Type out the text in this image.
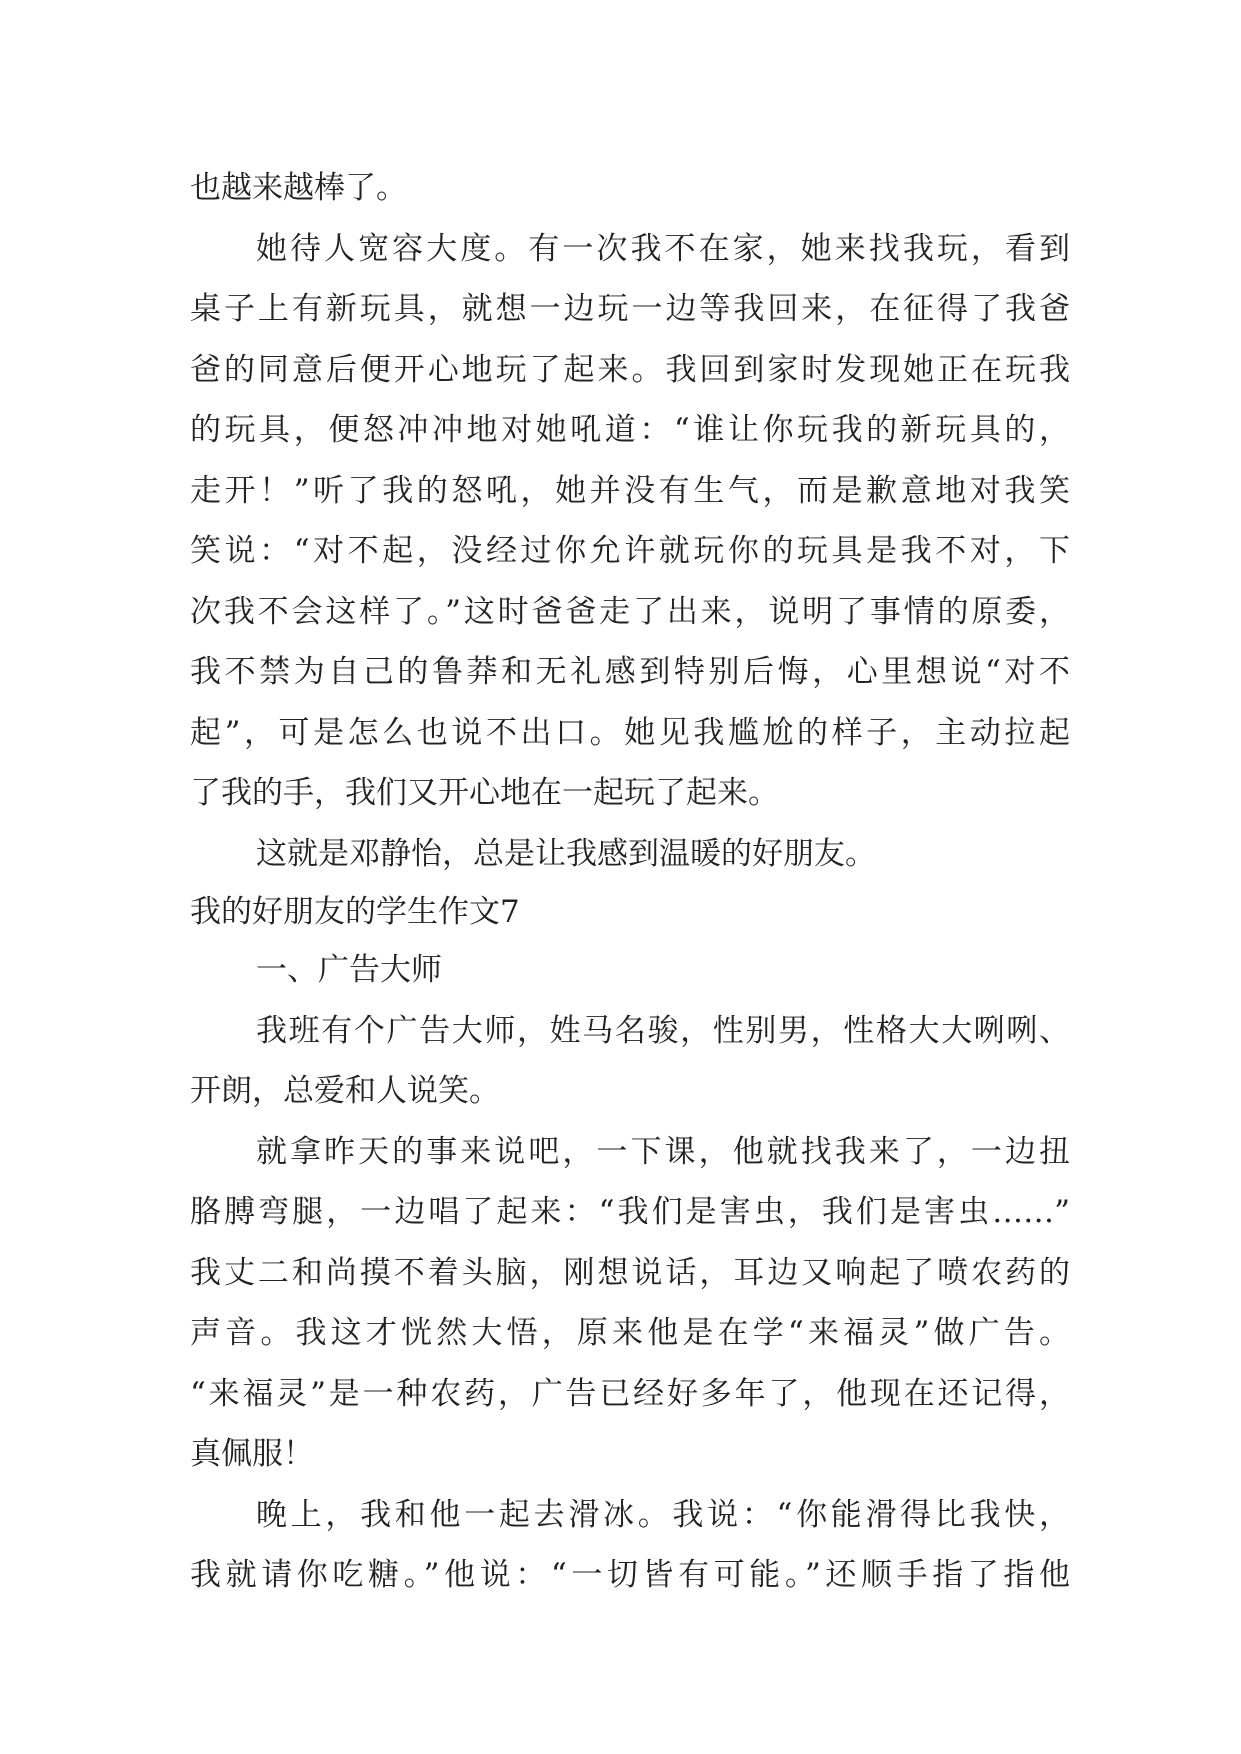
也越来越棒了。
她待人宽容大度。有一次我不在家，她来找我玩，看到
桌子上有新玩具，就想一边玩一边等我回来，在征得了我爸
爸的同意后便开心地玩了起来。我回到家时发现她正在玩我
的玩具，便怒冲冲地对她吼道：“谁让你玩我的新玩具的，
走开！”听了我的怒吼，她并没有生气，而是歉意地对我笑
笑说：“对不起，没经过你允许就玩你的玩具是我不对，下
次我不会这样了。”这时爸爸走了出来，说明了事情的原委，
我不禁为自己的鲁莽和无礼感到特别后悔，心里想说“对不
起”，可是怎么也说不出口。她见我尴尬的样子，主动拉起
了我的手，我们又开心地在一起玩了起来。
这就是邓静怡，总是让我感到温暖的好朋友。
我的好朋友的学生作文7
一、广告大师
我班有个广告大师，姓马名骏，性别男，性格大大咧咧、
开朗，总爱和人说笑。
就拿昨天的事来说吧，一下课，他就找我来了，一边扭
胳膊弯腿，一边唱了起来：“我们是害虫，我们是害虫……”
我丈二和尚摸不着头脑，刚想说话，耳边又响起了喷农药的
声音。我这才恍然大悟，原来他是在学“来福灵”做广告。
“来福灵”是一种农药，广告已经好多年了，他现在还记得，
真佩服！
晚上，我和他一起去滑冰。我说：“你能滑得比我快，
我就请你吃糖。”他说：“一切皆有可能。”还顺手指了指他
